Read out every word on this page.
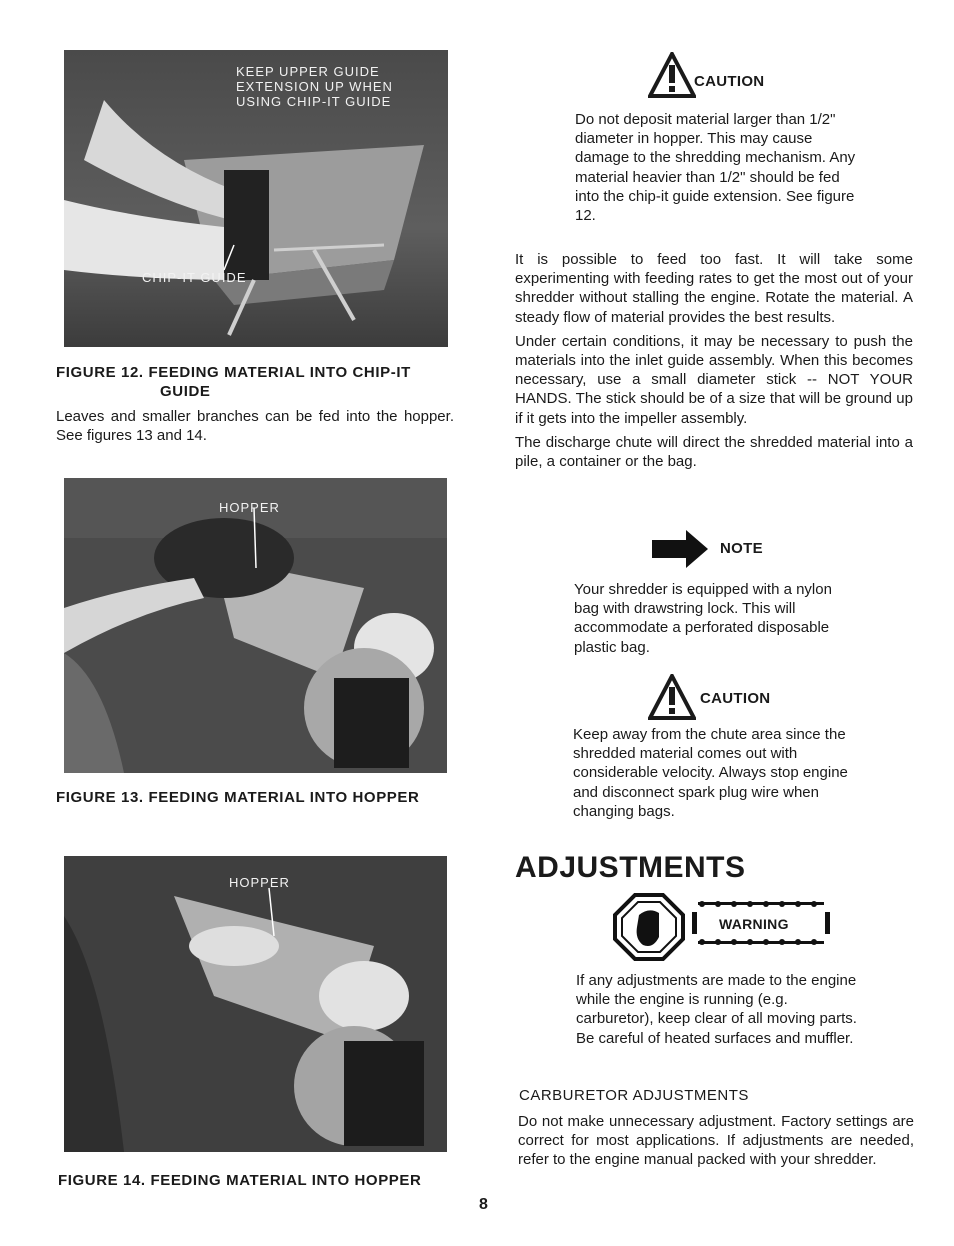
KEEP UPPER GUIDE
EXTENSION UP WHEN
USING CHIP-IT GUIDE
CHIP-IT GUIDE
FIGURE 12. FEEDING MATERIAL INTO CHIP-IT
GUIDE
Leaves and smaller branches can be fed into the hopper. See figures 13 and 14.
HOPPER
FIGURE 13. FEEDING MATERIAL INTO HOPPER
HOPPER
FIGURE 14. FEEDING MATERIAL INTO HOPPER
CAUTION
Do not deposit material larger than 1/2" diameter in hopper. This may cause damage to the shredding mechanism. Any material heavier than 1/2" should be fed into the chip-it guide extension. See figure 12.

It is possible to feed too fast. It will take some experimenting with feeding rates to get the most out of your shredder without stalling the engine. Rotate the material. A steady flow of material provides the best results.

Under certain conditions, it may be necessary to push the materials into the inlet guide assembly. When this becomes necessary, use a small diameter stick -- NOT YOUR HANDS. The stick should be of a size that will be ground up if it gets into the impeller assembly.

The discharge chute will direct the shredded material into a pile, a container or the bag.

NOTE
Your shredder is equipped with a nylon bag with drawstring lock. This will accommodate a perforated disposable plastic bag.
CAUTION
Keep away from the chute area since the shredded material comes out with considerable velocity. Always stop engine and disconnect spark plug wire when changing bags.
ADJUSTMENTS
WARNING
If any adjustments are made to the engine while the engine is running (e.g. carburetor), keep clear of all moving parts. Be careful of heated surfaces and muffler.
CARBURETOR ADJUSTMENTS
Do not make unnecessary adjustment. Factory settings are correct for most applications. If adjustments are needed, refer to the engine manual packed with your shredder.
8
